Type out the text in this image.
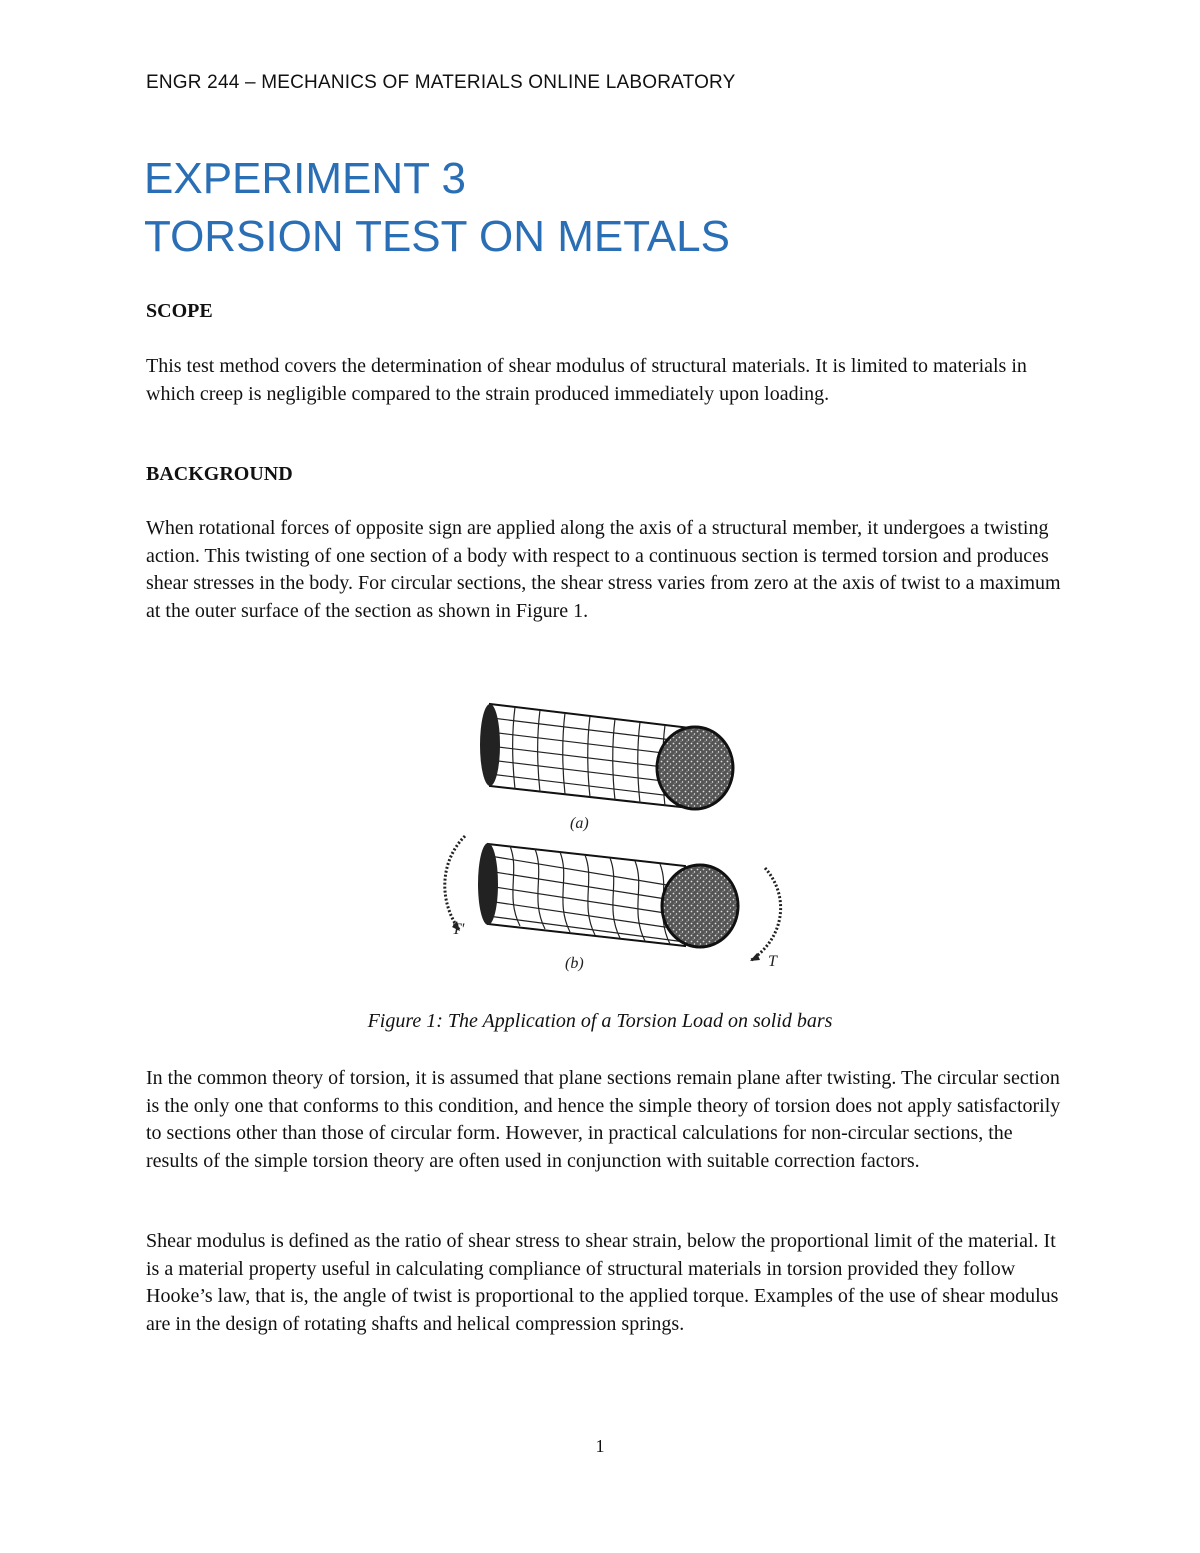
ENGR 244 – MECHANICS OF MATERIALS ONLINE LABORATORY
EXPERIMENT 3
TORSION TEST ON METALS
SCOPE
This test method covers the determination of shear modulus of structural materials. It is limited to materials in which creep is negligible compared to the strain produced immediately upon loading.
BACKGROUND
When rotational forces of opposite sign are applied along the axis of a structural member, it undergoes a twisting action. This twisting of one section of a body with respect to a continuous section is termed torsion and produces shear stresses in the body. For circular sections, the shear stress varies from zero at the axis of twist to a maximum at the outer surface of the section as shown in Figure 1.
(a)
T'
(b)	T
Figure 1: The Application of a Torsion Load on solid bars
In the common theory of torsion, it is assumed that plane sections remain plane after twisting. The circular section is the only one that conforms to this condition, and hence the simple theory of torsion does not apply satisfactorily to sections other than those of circular form. However, in practical calculations for non-circular sections, the results of the simple torsion theory are often used in conjunction with suitable correction factors.
Shear modulus is defined as the ratio of shear stress to shear strain, below the proportional limit of the material. It is a material property useful in calculating compliance of structural materials in torsion provided they follow Hooke’s law, that is, the angle of twist is proportional to the applied torque. Examples of the use of shear modulus are in the design of rotating shafts and helical compression springs.
1
